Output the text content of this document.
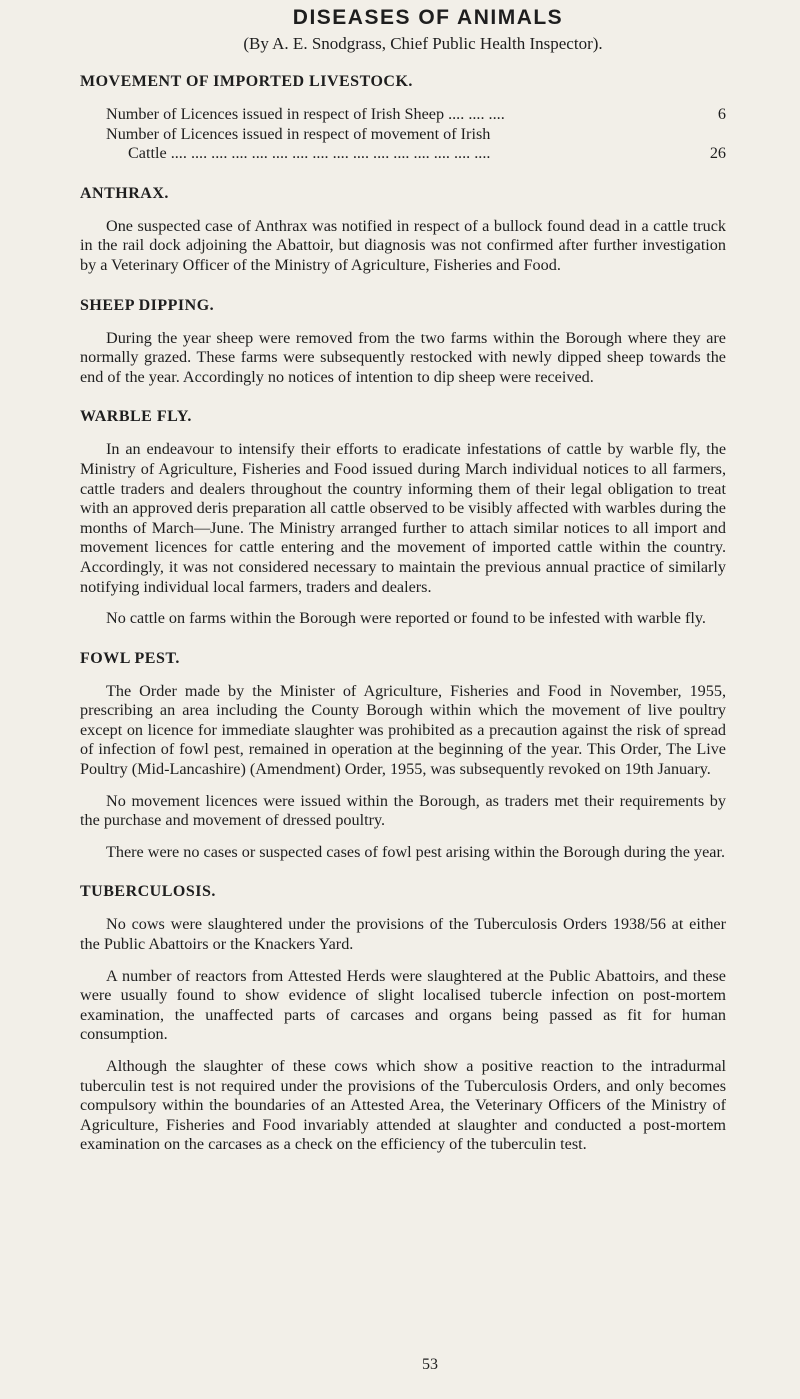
DISEASES OF ANIMALS
(By A. E. Snodgrass, Chief Public Health Inspector).
MOVEMENT OF IMPORTED LIVESTOCK.
Number of Licences issued in respect of Irish Sheep .... .... ....	6
Number of Licences issued in respect of movement of Irish
Cattle .... .... .... .... .... .... .... .... .... .... .... .... .... .... .... ....	26
ANTHRAX.

One suspected case of Anthrax was notified in respect of a bullock found dead in a cattle truck in the rail dock adjoining the Abattoir, but diagnosis was not confirmed after further investigation by a Veterinary Officer of the Ministry of Agriculture, Fisheries and Food.

SHEEP DIPPING.

During the year sheep were removed from the two farms within the Borough where they are normally grazed. These farms were subsequently restocked with newly dipped sheep towards the end of the year. Accordingly no notices of intention to dip sheep were received.

WARBLE FLY.

In an endeavour to intensify their efforts to eradicate infestations of cattle by warble fly, the Ministry of Agriculture, Fisheries and Food issued during March individual notices to all farmers, cattle traders and dealers throughout the country informing them of their legal obligation to treat with an approved deris preparation all cattle observed to be visibly affected with warbles during the months of March—June. The Ministry arranged further to attach similar notices to all import and movement licences for cattle entering and the movement of imported cattle within the country. Accordingly, it was not considered necessary to maintain the previous annual practice of similarly notifying individual local farmers, traders and dealers.

No cattle on farms within the Borough were reported or found to be infested with warble fly.

FOWL PEST.

The Order made by the Minister of Agriculture, Fisheries and Food in November, 1955, prescribing an area including the County Borough within which the movement of live poultry except on licence for immediate slaughter was prohibited as a precaution against the risk of spread of infection of fowl pest, remained in operation at the beginning of the year. This Order, The Live Poultry (Mid-Lancashire) (Amendment) Order, 1955, was subsequently revoked on 19th January.

No movement licences were issued within the Borough, as traders met their requirements by the purchase and movement of dressed poultry.

There were no cases or suspected cases of fowl pest arising within the Borough during the year.

TUBERCULOSIS.

No cows were slaughtered under the provisions of the Tuberculosis Orders 1938/56 at either the Public Abattoirs or the Knackers Yard.

A number of reactors from Attested Herds were slaughtered at the Public Abattoirs, and these were usually found to show evidence of slight localised tubercle infection on post-mortem examination, the unaffected parts of carcases and organs being passed as fit for human consumption.

Although the slaughter of these cows which show a positive reaction to the intradurmal tuberculin test is not required under the provisions of the Tuberculosis Orders, and only becomes compulsory within the boundaries of an Attested Area, the Veterinary Officers of the Ministry of Agriculture, Fisheries and Food invariably attended at slaughter and conducted a post-mortem examination on the carcases as a check on the efficiency of the tuberculin test.

53
